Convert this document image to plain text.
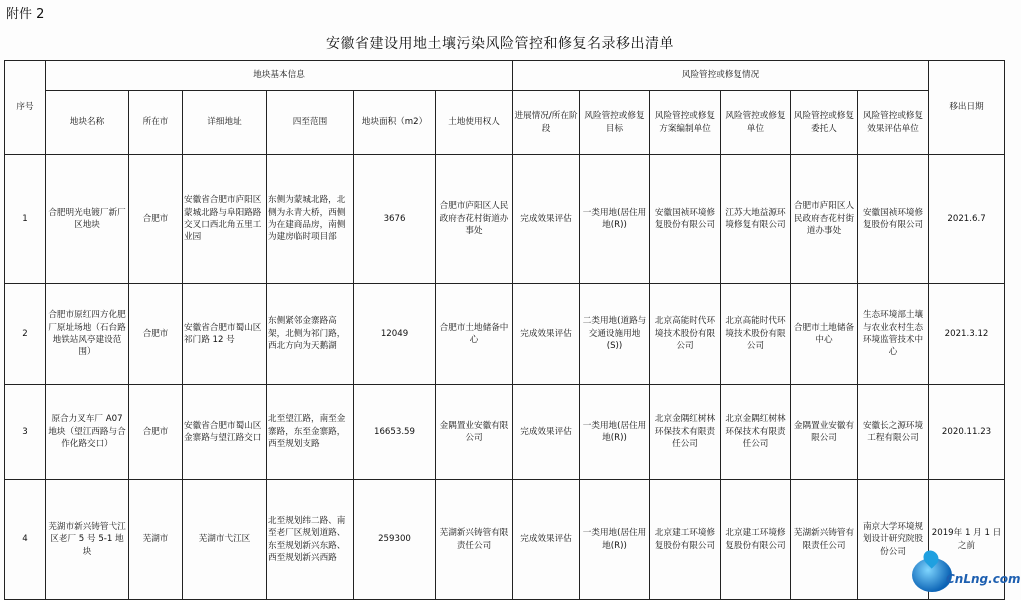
附件 2
安徽省建设用地土壤污染风险管控和修复名录移出清单
序号	地块基本信息						风险管控或修复情况						移出日期
	地块名称	所在市	详细地址	四至范围	地块面积（m2）	土地使用权人	进展情况/所在阶段	风险管控或修复目标	风险管控或修复方案编制单位	风险管控或修复单位	风险管控或修复委托人	风险管控或修复效果评估单位	
1	合肥明光电镀厂新厂区地块	合肥市	安徽省合肥市庐阳区蒙城北路与阜阳路路交叉口西北角五里工业园	东侧为蒙城北路，北侧为永青大桥，西侧为在建商品房，南侧为建房临时项目部	3676	合肥市庐阳区人民政府杏花村街道办事处	完成效果评估	一类用地(居住用地(R))	安徽国祯环境修复股份有限公司	江苏大地益源环境修复有限公司	合肥市庐阳区人民政府杏花村街道办事处	安徽国祯环境修复股份有限公司	2021.6.7
2	合肥市原红四方化肥厂原址场地（石台路地铁站风亭建设范围）	合肥市	安徽省合肥市蜀山区祁门路 12 号	东侧紧邻金寨路高架，北侧为祁门路，西北方向为天鹅湖	12049	合肥市土地储备中心	完成效果评估	二类用地(道路与交通设施用地(S))	北京高能时代环境技术股份有限公司	北京高能时代环境技术股份有限公司	合肥市土地储备中心	生态环境部土壤与农业农村生态环境监管技术中心	2021.3.12
3	原合力叉车厂 A07 地块（望江西路与合作化路交口）	合肥市	安徽省合肥市蜀山区金寨路与望江路交口	北至望江路，南至金寨路，东至金寨路，西至规划支路	16653.59	金隅置业安徽有限公司	完成效果评估	一类用地(居住用地(R))	北京金隅红树林环保技术有限责任公司	北京金隅红树林环保技术有限责任公司	金隅置业安徽有限公司	安徽长之源环境工程有限公司	2020.11.23
4	芜湖市新兴铸管弋江区老厂 5 号 5-1 地块	芜湖市	芜湖市弋江区	北至规划纬二路、南至老厂区规划道路、东至规划新兴东路、西至规划新兴西路	259300	芜湖新兴铸管有限责任公司	完成效果评估	一类用地(居住用地(R))	北京建工环境修复股份有限公司	北京建工环境修复股份有限公司	芜湖新兴铸管有限责任公司	南京大学环境规划设计研究院股份公司	2019年 1 月 1 日之前
CnLng.com
